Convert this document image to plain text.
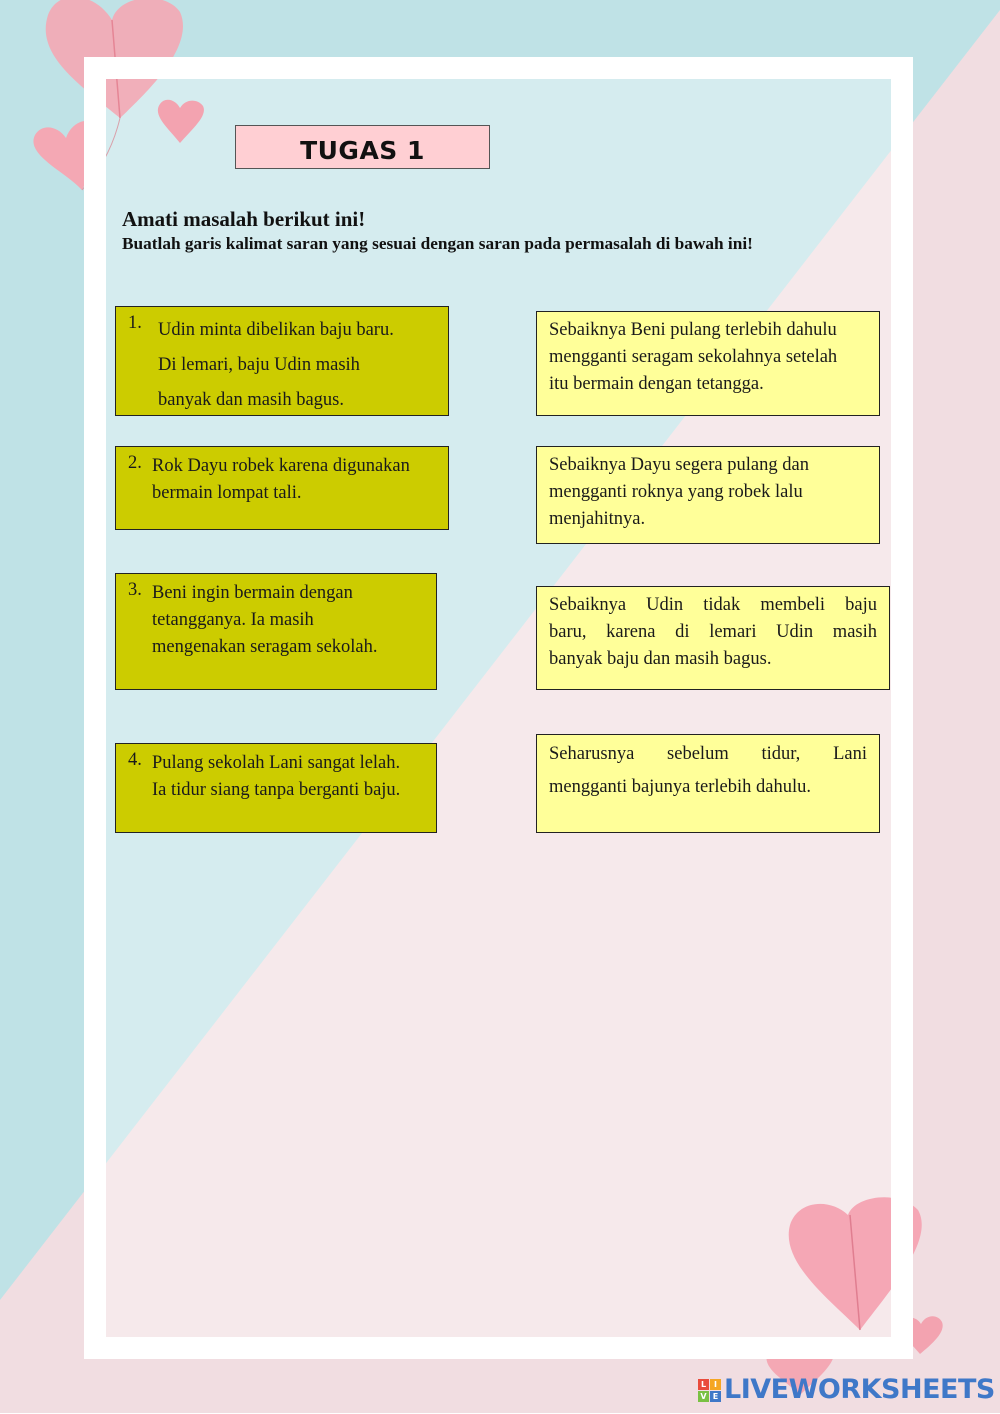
TUGAS 1
Amati masalah berikut ini!
Buatlah garis kalimat saran yang sesuai dengan saran pada permasalah di bawah ini!
1. Udin minta dibelikan baju baru.
Di lemari, baju Udin masih
banyak dan masih bagus.
2. Rok Dayu robek karena digunakan
bermain lompat tali.
3. Beni ingin bermain dengan
tetangganya. Ia masih
mengenakan seragam sekolah.
4. Pulang sekolah Lani sangat lelah.
Ia tidur siang tanpa berganti baju.
Sebaiknya Beni pulang terlebih dahulu
mengganti seragam sekolahnya setelah
itu bermain dengan tetangga.
Sebaiknya Dayu segera pulang dan
mengganti roknya yang robek lalu
menjahitnya.
Sebaiknya Udin tidak membeli baju
baru, karena di lemari Udin masih
banyak baju dan masih bagus.
Seharusnya sebelum tidur, Lani
mengganti bajunya terlebih dahulu.
L I
V E LIVEWORKSHEETS
